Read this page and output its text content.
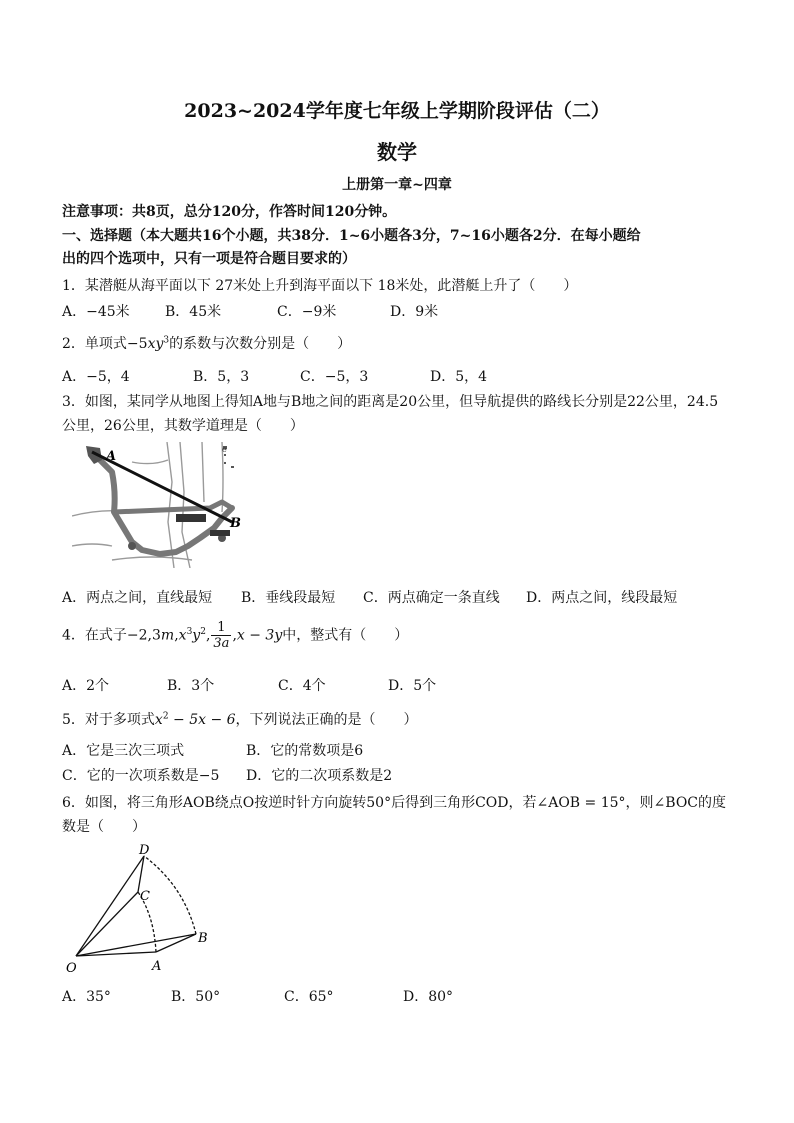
2023~2024学年度七年级上学期阶段评估（二）
数学
上册第一章~四章
注意事项：共8页，总分120分，作答时间120分钟。
一、选择题（本大题共16个小题，共38分．1~6小题各3分，7~16小题各2分．在每小题给
出的四个选项中，只有一项是符合题目要求的）
1．某潜艇从海平面以下 27米处上升到海平面以下 18米处，此潜艇上升了（　　）
A．−45米	B．45米	C．−9米	D．9米
2．单项式$-5xy^3$的系数与次数分别是（　　）
A．−5，4	B．5，3	C．−5，3	D．5，4
3．如图，某同学从地图上得知A地与B地之间的距离是20公里，但导航提供的路线长分别是22公里，24.5
公里，26公里，其数学道理是（　　）
e
A
B
A．两点之间，直线最短 B．垂线段最短 C．两点确定一条直线 D．两点之间，线段最短
4．在式子$-2,3m,x^3y^2$, $\frac{1}{3a} ,x - 3y$中，整式有（　　）
A．2个	B．3个	C．4个	D．5个
5．对于多项式$x^2 - 5x - 6$，下列说法正确的是（　　）
A．它是三次三项式	B．它的常数项是6
C．它的一次项系数是−5 D．它的二次项系数是2
6．如图，将三角形AOB绕点O按逆时针方向旋转50°后得到三角形COD，若∠AOB = 15°，则∠BOC的度
数是（　　）
D
C
B
O	A
A．35°	B．50°	C．65°	D．80°
